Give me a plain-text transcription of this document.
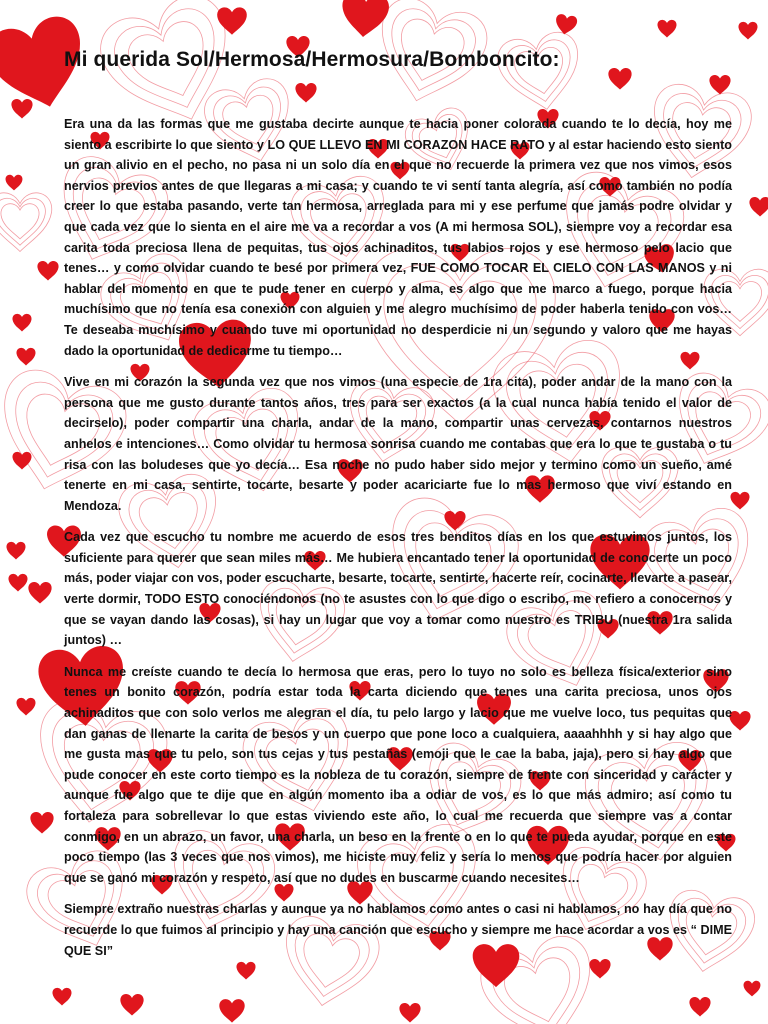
Mi querida Sol/Hermosa/Hermosura/Bomboncito:

Era una da las formas que me gustaba decirte aunque te hacia poner colorada cuando te lo decía, hoy me siento a escribirte lo que siento y LO QUE LLEVO EN MI CORAZON HACE RATO y al estar haciendo esto siento un gran alivio en el pecho, no pasa ni un solo día en el que no recuerde la primera vez que nos vimos, esos nervios previos antes de que llegaras a mi casa; y cuando te vi sentí tanta alegría, así como también no podía creer lo que estaba pasando, verte tan hermosa, arreglada para mi y ese perfume que jamás podre olvidar y que cada vez que lo sienta en el aire me va a recordar a vos (A mi hermosa SOL), siempre voy a recordar esa carita toda preciosa llena de pequitas, tus ojos achinaditos, tus labios rojos y ese hermoso pelo lacio que tenes… y como olvidar cuando te besé por primera vez, FUE COMO TOCAR EL CIELO CON LAS MANOS y ni hablar del momento en que te pude tener en cuerpo y alma, es algo que me marco a fuego, porque hacia muchísimo que no tenía esa conexión con alguien y me alegro muchísimo de poder haberla tenido con vos… Te deseaba muchísimo y cuando tuve mi oportunidad no desperdicie ni un segundo y valoro que me hayas dado la oportunidad de dedicarme tu tiempo…

Vive en mi corazón la segunda vez que nos vimos (una especie de 1ra cita), poder andar de la mano con la persona que me gusto durante tantos años, tres para ser exactos (a la cual nunca había tenido el valor de decirselo), poder compartir una charla, andar de la mano, compartir unas cervezas, contarnos nuestros anhelos e intenciones… Como olvidar tu hermosa sonrisa cuando me contabas que era lo que te gustaba o tu risa con las boludeses que yo decía… Esa noche no pudo haber sido mejor y termino como un sueño, amé tenerte en mi casa, sentirte, tocarte, besarte y poder acariciarte fue lo mas hermoso que viví estando en Mendoza.

Cada vez que escucho tu nombre me acuerdo de esos tres benditos días en los que estuvimos juntos, los suficiente para querer que sean miles más… Me hubiera encantado tener la oportunidad de conocerte un poco más, poder viajar con vos, poder escucharte, besarte, tocarte, sentirte, hacerte reír, cocinarte, llevarte a pasear, verte dormir, TODO ESTO conociéndonos (no te asustes con lo que digo o escribo, me refiero a conocernos y que se vayan dando las cosas), si hay un lugar que voy a tomar como nuestro es TRIBU (nuestra 1ra salida juntos) …

Nunca me creíste cuando te decía lo hermosa que eras, pero lo tuyo no solo es belleza física/exterior sino tenes un bonito corazón, podría estar toda la carta diciendo que tenes una carita preciosa, unos ojos achinaditos que con solo verlos me alegran el día, tu pelo largo y lacio que me vuelve loco, tus pequitas que dan ganas de llenarte la carita de besos y un cuerpo que pone loco a cualquiera, aaaahhhh y si hay algo que me gusta mas que tu pelo, son tus cejas y tus pestañas (emoji que le cae la baba, jaja), pero si hay algo que pude conocer en este corto tiempo es la nobleza de tu corazón, siempre de frente con sinceridad y carácter y aunque fue algo que te dije que en algún momento iba a odiar de vos, es lo que más admiro; así como tu fortaleza para sobrellevar lo que estas viviendo este año, lo cual me recuerda que siempre vas a contar conmigo, en un abrazo, un favor, una charla, un beso en la frente o en lo que te pueda ayudar, porque en este poco tiempo (las 3 veces que nos vimos), me hiciste muy feliz y sería lo menos que podría hacer por alguien que se ganó mi corazón y respeto, así que no dudes en buscarme cuando necesites…

Siempre extraño nuestras charlas y aunque ya no hablamos como antes o casi ni hablamos, no hay día que no recuerde lo que fuimos al principio y hay una canción que escucho y siempre me hace acordar a vos es “ DIME QUE SI”
